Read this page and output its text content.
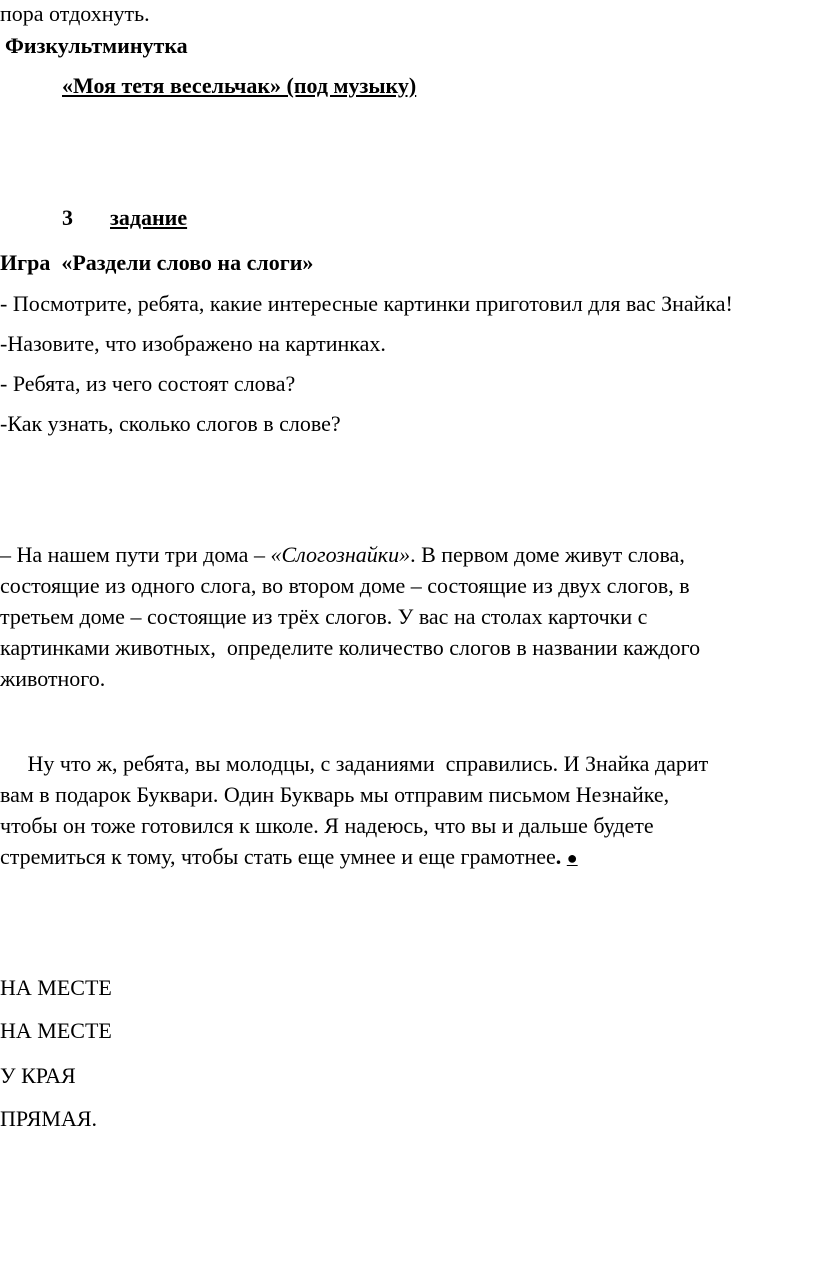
пора отдохнуть.
Физкультминутка
«Моя тетя весельчак» (под музыку)
3 задание
Игра  «Раздели слово на слоги»
- Посмотрите, ребята, какие интересные картинки приготовил для вас Знайка!
-Назовите, что изображено на картинках.
- Ребята, из чего состоят слова?
-Как узнать, сколько слогов в слове?
– На нашем пути три дома – «Слогознайки». В первом доме живут слова,
состоящие из одного слога, во втором доме – состоящие из двух слогов, в
третьем доме – состоящие из трёх слогов. У вас на столах карточки с
картинками животных,  определите количество слогов в названии каждого
животного.
Ну что ж, ребята, вы молодцы, с заданиями  справились. И Знайка дарит
вам в подарок Буквари. Один Букварь мы отправим письмом Незнайке,
чтобы он тоже готовился к школе. Я надеюсь, что вы и дальше будете
стремиться к тому, чтобы стать еще умнее и еще грамотнее. ●
НА МЕСТЕ
НА МЕСТЕ
У КРАЯ
ПРЯМАЯ.
